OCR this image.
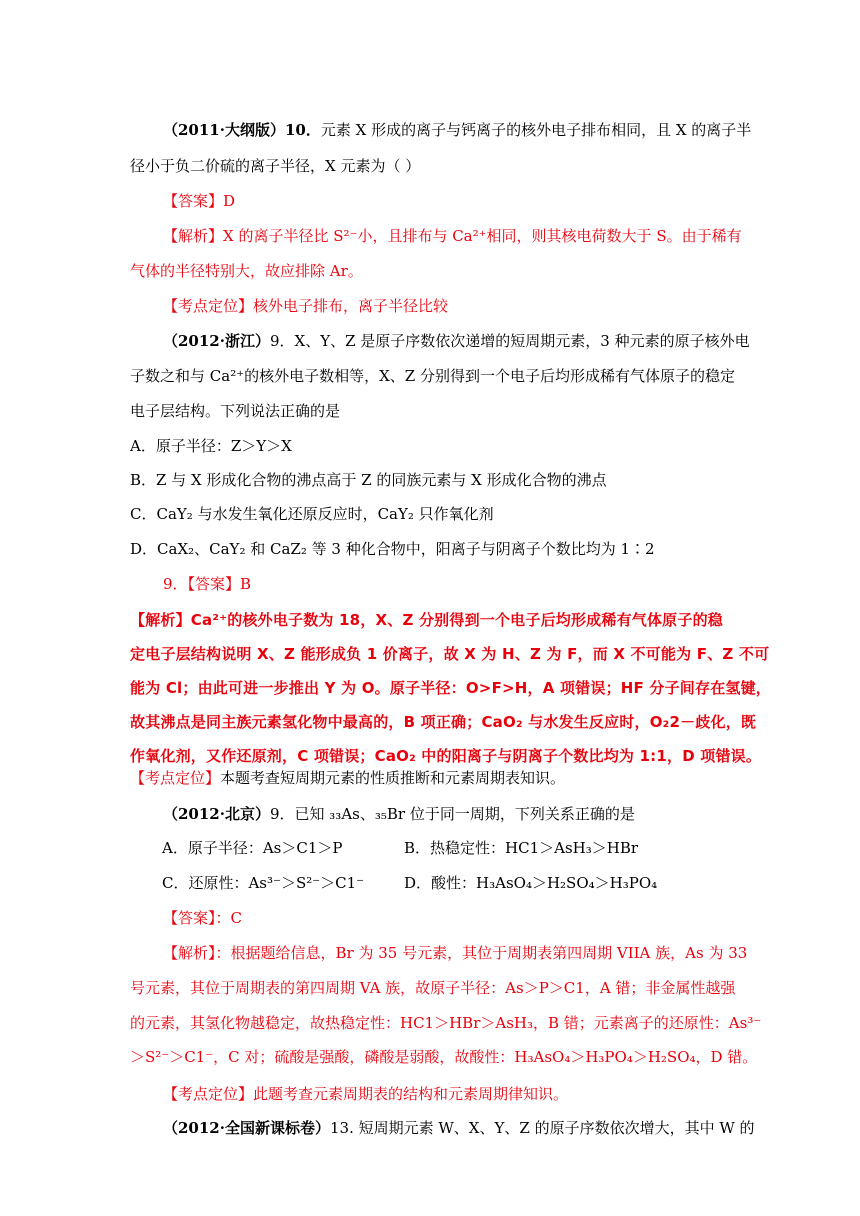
（2011·大纲版）10．元素 X 形成的离子与钙离子的核外电子排布相同，且 X 的离子半
径小于负二价硫的离子半径，X 元素为（ ）
【答案】D
【解析】X 的离子半径比 S²⁻小，且排布与 Ca²⁺相同，则其核电荷数大于 S。由于稀有
气体的半径特别大，故应排除 Ar。
【考点定位】核外电子排布，离子半径比较
（2012·浙江）9．X、Y、Z 是原子序数依次递增的短周期元素，3 种元素的原子核外电
子数之和与 Ca²⁺的核外电子数相等，X、Z 分别得到一个电子后均形成稀有气体原子的稳定
电子层结构。下列说法正确的是
A．原子半径：Z＞Y＞X
B．Z 与 X 形成化合物的沸点高于 Z 的同族元素与 X 形成化合物的沸点
C．CaY₂ 与水发生氧化还原反应时，CaY₂ 只作氧化剂
D．CaX₂、CaY₂ 和 CaZ₂ 等 3 种化合物中，阳离子与阴离子个数比均为 1∶2
9．【答案】B
【解析】Ca²⁺的核外电子数为 18，X、Z 分别得到一个电子后均形成稀有气体原子的稳
定电子层结构说明 X、Z 能形成负 1 价离子，故 X 为 H、Z 为 F，而 X 不可能为 F、Z 不可
能为 Cl；由此可进一步推出 Y 为 O。原子半径：O>F>H，A 项错误；HF 分子间存在氢键，
故其沸点是同主族元素氢化物中最高的，B 项正确；CaO₂ 与水发生反应时，O₂2－歧化，既
作氧化剂，又作还原剂，C 项错误；CaO₂ 中的阳离子与阴离子个数比均为 1:1，D 项错误。
【考点定位】本题考查短周期元素的性质推断和元素周期表知识。
（2012·北京）9．已知 ₃₃As、₃₅Br 位于同一周期，下列关系正确的是
A．原子半径：As＞C1＞P	B．热稳定性：HC1＞AsH₃＞HBr
C．还原性：As³⁻＞S²⁻＞C1⁻	D．酸性：H₃AsO₄＞H₂SO₄＞H₃PO₄
【答案】：C
【解析】：根据题给信息，Br 为 35 号元素，其位于周期表第四周期 VIIA 族，As 为 33
号元素，其位于周期表的第四周期 VA 族，故原子半径：As＞P＞C1，A 错；非金属性越强
的元素，其氢化物越稳定，故热稳定性：HC1＞HBr＞AsH₃，B 错；元素离子的还原性：As³⁻
＞S²⁻＞C1⁻，C 对；硫酸是强酸，磷酸是弱酸，故酸性：H₃AsO₄＞H₃PO₄＞H₂SO₄，D 错。
【考点定位】此题考查元素周期表的结构和元素周期律知识。
（2012·全国新课标卷）13. 短周期元素 W、X、Y、Z 的原子序数依次增大，其中 W 的
